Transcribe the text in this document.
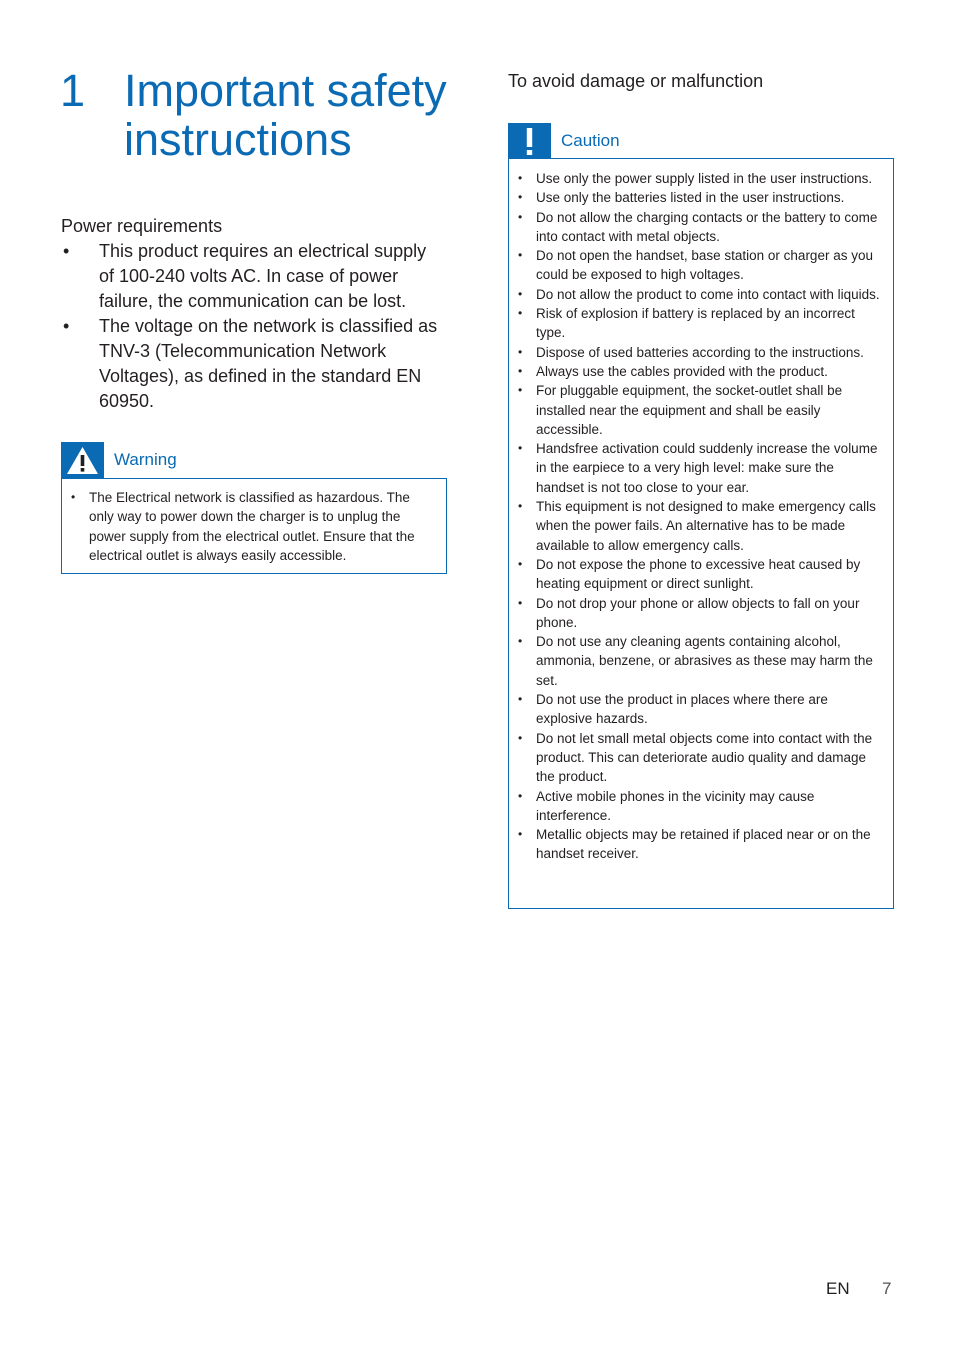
1 Important safety instructions
Power requirements
• This product requires an electrical supply of 100-240 volts AC. In case of power failure, the communication can be lost.
• The voltage on the network is classified as TNV-3 (Telecommunication Network Voltages), as defined in the standard EN 60950.
Warning
• The Electrical network is classified as hazardous. The only way to power down the charger is to unplug the power supply from the electrical outlet. Ensure that the electrical outlet is always easily accessible.
To avoid damage or malfunction
Caution
• Use only the power supply listed in the user instructions.
• Use only the batteries listed in the user instructions.
• Do not allow the charging contacts or the battery to come into contact with metal objects.
• Do not open the handset, base station or charger as you could be exposed to high voltages.
• Do not allow the product to come into contact with liquids.
• Risk of explosion if battery is replaced by an incorrect type.
• Dispose of used batteries according to the instructions.
• Always use the cables provided with the product.
• For pluggable equipment, the socket-outlet shall be installed near the equipment and shall be easily accessible.
• Handsfree activation could suddenly increase the volume in the earpiece to a very high level: make sure the handset is not too close to your ear.
• This equipment is not designed to make emergency calls when the power fails. An alternative has to be made available to allow emergency calls.
• Do not expose the phone to excessive heat caused by heating equipment or direct sunlight.
• Do not drop your phone or allow objects to fall on your phone.
• Do not use any cleaning agents containing alcohol, ammonia, benzene, or abrasives as these may harm the set.
• Do not use the product in places where there are explosive hazards.
• Do not let small metal objects come into contact with the product. This can deteriorate audio quality and damage the product.
• Active mobile phones in the vicinity may cause interference.
• Metallic objects may be retained if placed near or on the handset receiver.
EN 7
